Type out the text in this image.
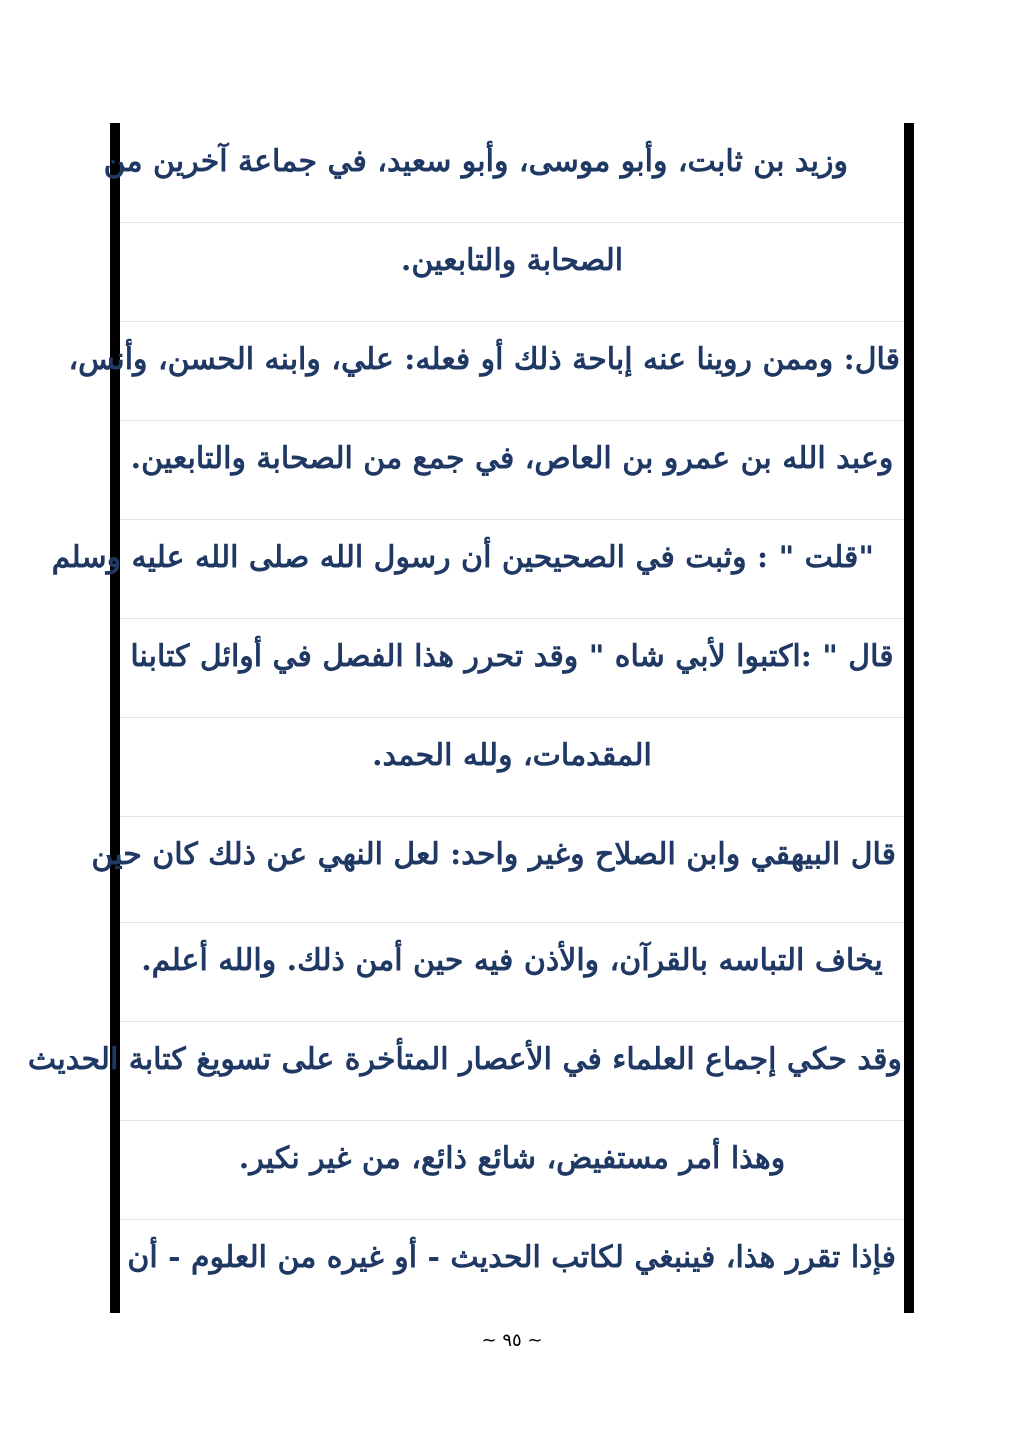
وزيد بن ثابت، وأبو موسى، وأبو سعيد، في جماعة آخرين من
الصحابة والتابعين.
قال: وممن روينا عنه إباحة ذلك أو فعله: علي، وابنه الحسن، وأنس،
وعبد الله بن عمرو بن العاص، في جمع من الصحابة والتابعين.
"قلت " : وثبت في الصحيحين أن رسول الله صلى الله عليه وسلم
قال " :اكتبوا لأبي شاه " وقد تحرر هذا الفصل في أوائل كتابنا
المقدمات، ولله الحمد.
قال البيهقي وابن الصلاح وغير واحد: لعل النهي عن ذلك كان حين
يخاف التباسه بالقرآن، والأذن فيه حين أمن ذلك. والله أعلم.
وقد حكي إجماع العلماء في الأعصار المتأخرة على تسويغ كتابة الحديث
وهذا أمر مستفيض، شائع ذائع، من غير نكير.
فإذا تقرر هذا، فينبغي لكاتب الحديث - أو غيره من العلوم - أن
~ ٩٥ ~
